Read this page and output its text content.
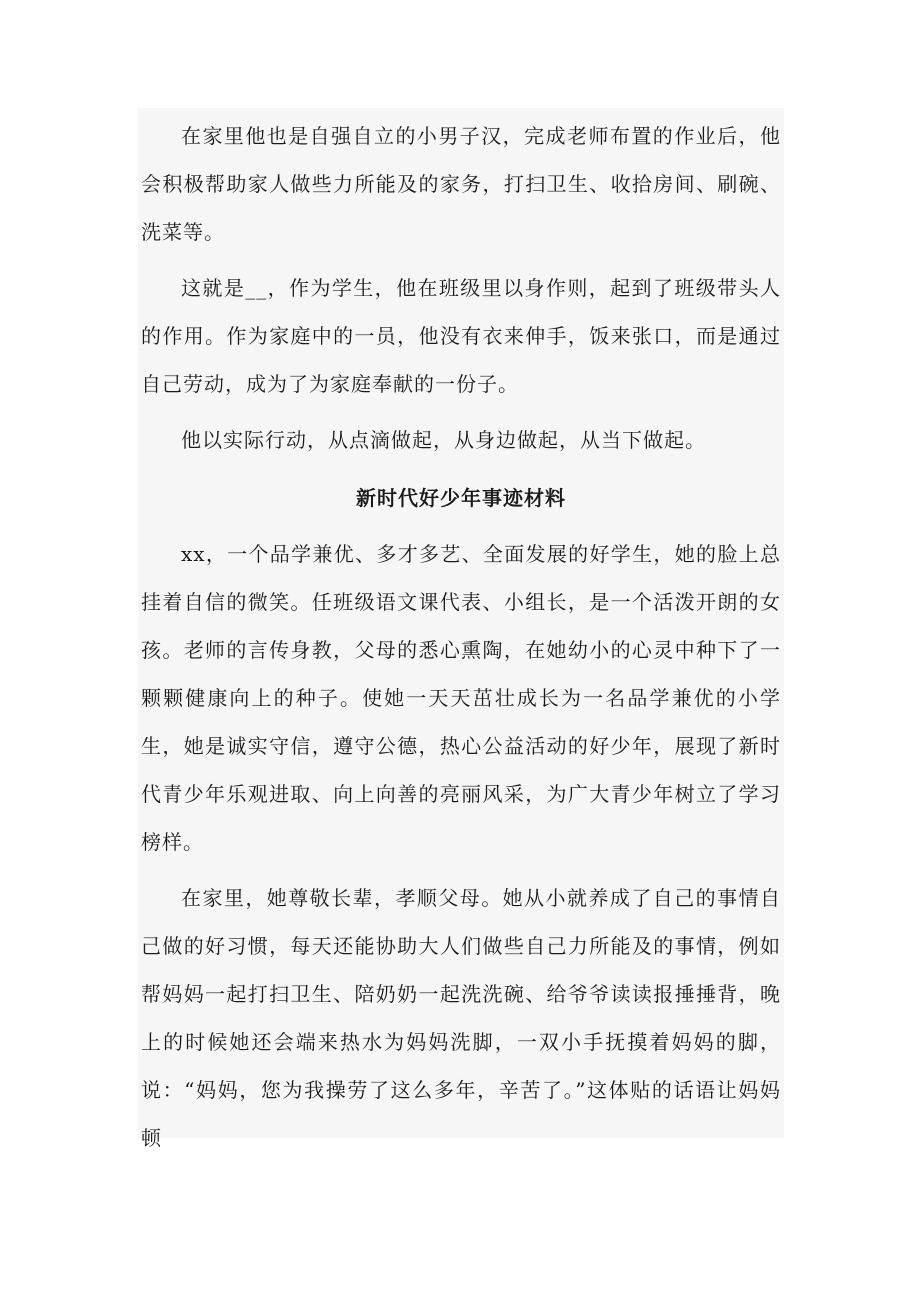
在家里他也是自强自立的小男子汉，完成老师布置的作业后，他会积极帮助家人做些力所能及的家务，打扫卫生、收拾房间、刷碗、洗菜等。

这就是__，作为学生，他在班级里以身作则，起到了班级带头人的作用。作为家庭中的一员，他没有衣来伸手，饭来张口，而是通过自己劳动，成为了为家庭奉献的一份子。

他以实际行动，从点滴做起，从身边做起，从当下做起。

新时代好少年事迹材料

xx，一个品学兼优、多才多艺、全面发展的好学生，她的脸上总挂着自信的微笑。任班级语文课代表、小组长，是一个活泼开朗的女孩。老师的言传身教，父母的悉心熏陶，在她幼小的心灵中种下了一颗颗健康向上的种子。使她一天天茁壮成长为一名品学兼优的小学生，她是诚实守信，遵守公德，热心公益活动的好少年，展现了新时代青少年乐观进取、向上向善的亮丽风采，为广大青少年树立了学习榜样。

在家里，她尊敬长辈，孝顺父母。她从小就养成了自己的事情自己做的好习惯，每天还能协助大人们做些自己力所能及的事情，例如帮妈妈一起打扫卫生、陪奶奶一起洗洗碗、给爷爷读读报捶捶背，晚上的时候她还会端来热水为妈妈洗脚，一双小手抚摸着妈妈的脚，说：“妈妈，您为我操劳了这么多年，辛苦了。”这体贴的话语让妈妈顿
